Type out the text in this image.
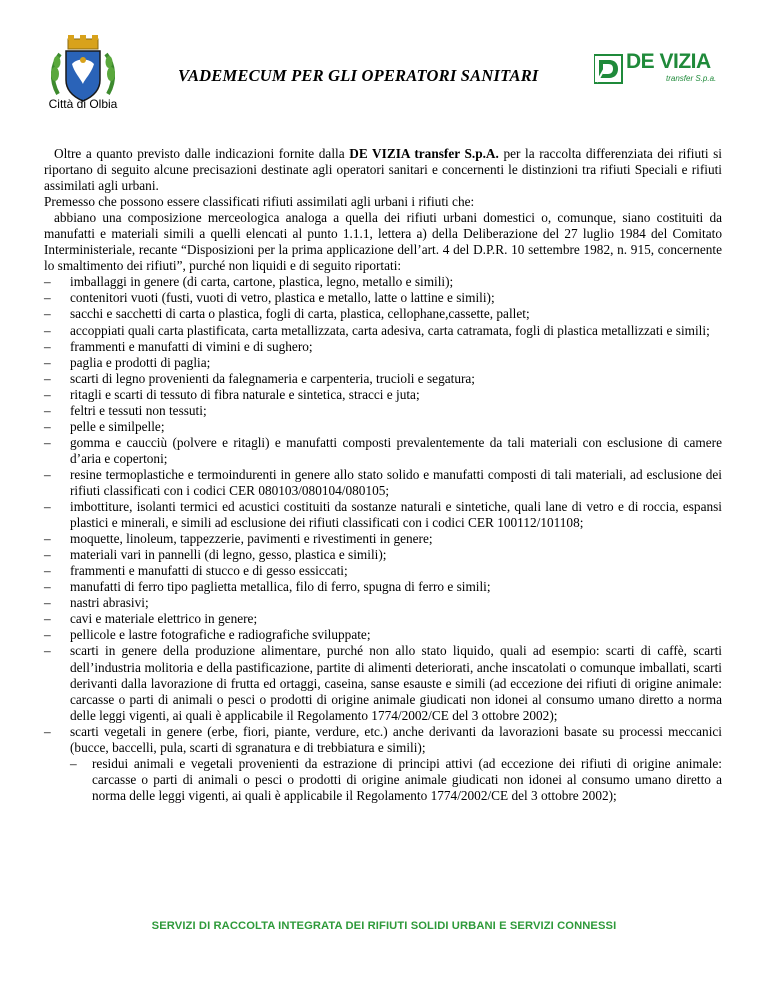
Città di Olbia
VADEMECUM PER GLI OPERATORI SANITARI
DE VIZIA
transfer S.p.a.

Oltre a quanto previsto dalle indicazioni fornite dalla DE VIZIA transfer S.p.A. per la raccolta differenziata dei rifiuti si riportano di seguito alcune precisazioni destinate agli operatori sanitari e concernenti le distinzioni tra rifiuti Speciali e rifiuti assimilati agli urbani.

Premesso che possono essere classificati rifiuti assimilati agli urbani i rifiuti che:

abbiano una composizione merceologica analoga a quella dei rifiuti urbani domestici o, comunque, siano costituiti da manufatti e materiali simili a quelli elencati al punto 1.1.1, lettera a) della Deliberazione del 27 luglio 1984 del Comitato Interministeriale, recante “Disposizioni per la prima applicazione dell’art. 4 del D.P.R. 10 settembre 1982, n. 915, concernente lo smaltimento dei rifiuti”, purché non liquidi e di seguito riportati:

– imballaggi in genere (di carta, cartone, plastica, legno, metallo e simili);
– contenitori vuoti (fusti, vuoti di vetro, plastica e metallo, latte o lattine e simili);
– sacchi e sacchetti di carta o plastica, fogli di carta, plastica, cellophane,cassette, pallet;
– accoppiati quali carta plastificata, carta metallizzata, carta adesiva, carta catramata, fogli di plastica metallizzati e simili;
– frammenti e manufatti di vimini e di sughero;
– paglia e prodotti di paglia;
– scarti di legno provenienti da falegnameria e carpenteria, trucioli e segatura;
– ritagli e scarti di tessuto di fibra naturale e sintetica, stracci e juta;
– feltri e tessuti non tessuti;
– pelle e similpelle;
– gomma e caucciù (polvere e ritagli) e manufatti composti prevalentemente da tali materiali con esclusione di camere d’aria e copertoni;
– resine termoplastiche e termoindurenti in genere allo stato solido e manufatti composti di tali materiali, ad esclusione dei rifiuti classificati con i codici CER 080103/080104/080105;
– imbottiture, isolanti termici ed acustici costituiti da sostanze naturali e sintetiche, quali lane di vetro e di roccia, espansi plastici e minerali, e simili ad esclusione dei rifiuti classificati con i codici CER 100112/101108;
– moquette, linoleum, tappezzerie, pavimenti e rivestimenti in genere;
– materiali vari in pannelli (di legno, gesso, plastica e simili);
– frammenti e manufatti di stucco e di gesso essiccati;
– manufatti di ferro tipo paglietta metallica, filo di ferro, spugna di ferro e simili;
– nastri abrasivi;
– cavi e materiale elettrico in genere;
– pellicole e lastre fotografiche e radiografiche sviluppate;
– scarti in genere della produzione alimentare, purché non allo stato liquido, quali ad esempio: scarti di caffè, scarti dell’industria molitoria e della pastificazione, partite di alimenti deteriorati, anche inscatolati o comunque imballati, scarti derivanti dalla lavorazione di frutta ed ortaggi, caseina, sanse esauste e simili (ad eccezione dei rifiuti di origine animale: carcasse o parti di animali o pesci o prodotti di origine animale giudicati non idonei al consumo umano diretto a norma delle leggi vigenti, ai quali è applicabile il Regolamento 1774/2002/CE del 3 ottobre 2002);
– scarti vegetali in genere (erbe, fiori, piante, verdure, etc.) anche derivanti da lavorazioni basate su processi meccanici (bucce, baccelli, pula, scarti di sgranatura e di trebbiatura e simili);
– residui animali e vegetali provenienti da estrazione di principi attivi (ad eccezione dei rifiuti di origine animale: carcasse o parti di animali o pesci o prodotti di origine animale giudicati non idonei al consumo umano diretto a norma delle leggi vigenti, ai quali è applicabile il Regolamento 1774/2002/CE del 3 ottobre 2002);
SERVIZI DI RACCOLTA INTEGRATA DEI RIFIUTI SOLIDI URBANI E SERVIZI CONNESSI
